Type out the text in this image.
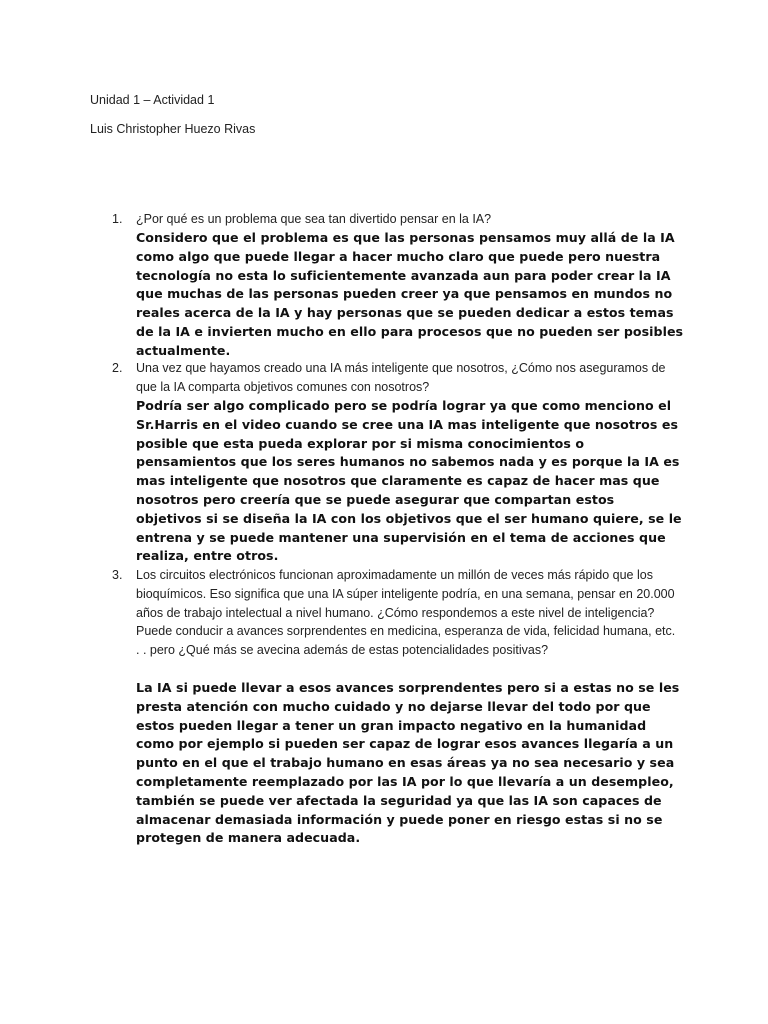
Unidad 1 – Actividad 1
Luis Christopher Huezo Rivas
1. ¿Por qué es un problema que sea tan divertido pensar en la IA?

Considero que el problema es que las personas pensamos muy allá de la IA como algo que puede llegar a hacer mucho claro que puede pero nuestra tecnología no esta lo suficientemente avanzada aun para poder crear la IA que muchas de las personas pueden creer ya que pensamos en mundos no reales acerca de la IA y hay personas que se pueden dedicar a estos temas de la IA e invierten mucho en ello para procesos que no pueden ser posibles actualmente.

2. Una vez que hayamos creado una IA más inteligente que nosotros, ¿Cómo nos aseguramos de que la IA comparta objetivos comunes con nosotros?

Podría ser algo complicado pero se podría lograr ya que como menciono el Sr.Harris en el video cuando se cree una IA mas inteligente que nosotros es posible que esta pueda explorar por si misma conocimientos o pensamientos que los seres humanos no sabemos nada y es porque la IA es mas inteligente que nosotros que claramente es capaz de hacer mas que nosotros pero creería que se puede asegurar que compartan estos objetivos si se diseña la IA con los objetivos que el ser humano quiere, se le entrena y se puede mantener una supervisión en el tema de acciones que realiza, entre otros.

3. Los circuitos electrónicos funcionan aproximadamente un millón de veces más rápido que los bioquímicos. Eso significa que una IA súper inteligente podría, en una semana, pensar en 20.000 años de trabajo intelectual a nivel humano. ¿Cómo respondemos a este nivel de inteligencia? Puede conducir a avances sorprendentes en medicina, esperanza de vida, felicidad humana, etc. . . pero ¿Qué más se avecina además de estas potencialidades positivas?

La IA si puede llevar a esos avances sorprendentes pero si a estas no se les presta atención con mucho cuidado y no dejarse llevar del todo por que estos pueden llegar a tener un gran impacto negativo en la humanidad como por ejemplo si pueden ser capaz de lograr esos avances llegaría a un punto en el que el trabajo humano en esas áreas ya no sea necesario y sea completamente reemplazado por las IA por lo que llevaría a un desempleo, también se puede ver afectada la seguridad ya que las IA son capaces de almacenar demasiada información y puede poner en riesgo estas si no se protegen de manera adecuada.
